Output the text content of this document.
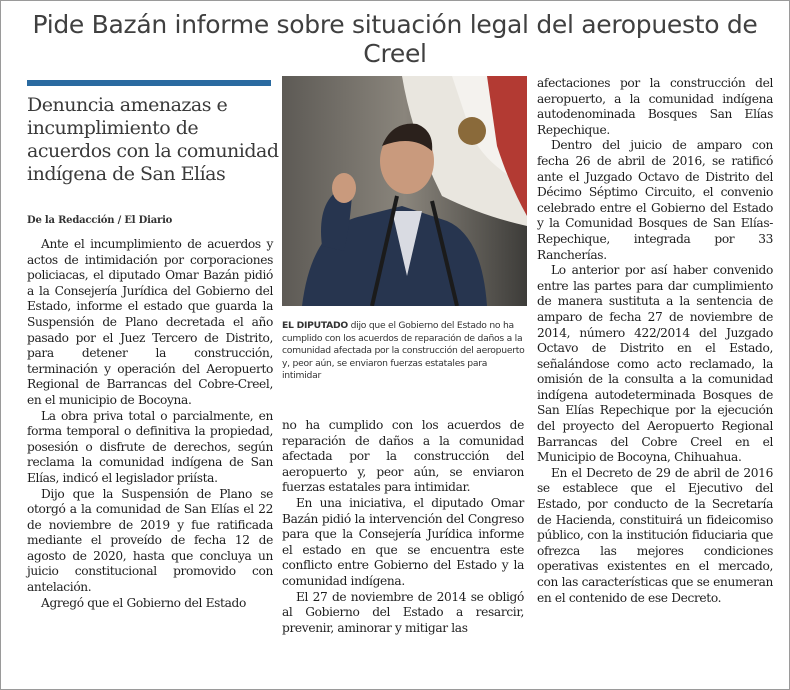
Pide Bazán informe sobre situación legal del aeropuesto de Creel
Denuncia amenazas e incumplimiento de acuerdos con la comunidad indígena de San Elías
De la Redacción / El Diario

Ante el incumplimiento de acuerdos y actos de intimidación por corporaciones policiacas, el diputado Omar Bazán pidió a la Consejería Jurídica del Gobierno del Estado, informe el estado que guarda la Suspensión de Plano decretada el año pasado por el Juez Tercero de Distrito, para detener la construcción, terminación y operación del Aeropuerto Regional de Barrancas del Cobre-Creel, en el municipio de Bocoyna.

La obra priva total o parcialmente, en forma temporal o definitiva la propiedad, posesión o disfrute de derechos, según reclama la comunidad indígena de San Elías, indicó el legislador priísta.

Dijo que la Suspensión de Plano se otorgó a la comunidad de San Elías el 22 de noviembre de 2019 y fue ratificada mediante el proveído de fecha 12 de agosto de 2020, hasta que concluya un juicio constitucional promovido con antelación.

Agregó que el Gobierno del Estado

EL DIPUTADO dijo que el Gobierno del Estado no ha cumplido con los acuerdos de reparación de daños a la comunidad afectada por la construcción del aeropuerto y, peor aún, se enviaron fuerzas estatales para intimidar

no ha cumplido con los acuerdos de reparación de daños a la comunidad afectada por la construcción del aeropuerto y, peor aún, se enviaron fuerzas estatales para intimidar.

En una iniciativa, el diputado Omar Bazán pidió la intervención del Congreso para que la Consejería Jurídica informe el estado en que se encuentra este conflicto entre Gobierno del Estado y la comunidad indígena.

El 27 de noviembre de 2014 se obligó al Gobierno del Estado a resarcir, prevenir, aminorar y mitigar las

afectaciones por la construcción del aeropuerto, a la comunidad indígena autodenominada Bosques San Elías Repechique.

Dentro del juicio de amparo con fecha 26 de abril de 2016, se ratificó ante el Juzgado Octavo de Distrito del Décimo Séptimo Circuito, el convenio celebrado entre el Gobierno del Estado y la Comunidad Bosques de San Elías-Repechique, integrada por 33 Rancherías.

Lo anterior por así haber convenido entre las partes para dar cumplimiento de manera sustituta a la sentencia de amparo de fecha 27 de noviembre de 2014, número 422/2014 del Juzgado Octavo de Distrito en el Estado, señalándose como acto reclamado, la omisión de la consulta a la comunidad indígena autodeterminada Bosques de San Elías Repechique por la ejecución del proyecto del Aeropuerto Regional Barrancas del Cobre Creel en el Municipio de Bocoyna, Chihuahua.

En el Decreto de 29 de abril de 2016 se establece que el Ejecutivo del Estado, por conducto de la Secretaría de Hacienda, constituirá un fideicomiso público, con la institución fiduciaria que ofrezca las mejores condiciones operativas existentes en el mercado, con las características que se enumeran en el contenido de ese Decreto.
